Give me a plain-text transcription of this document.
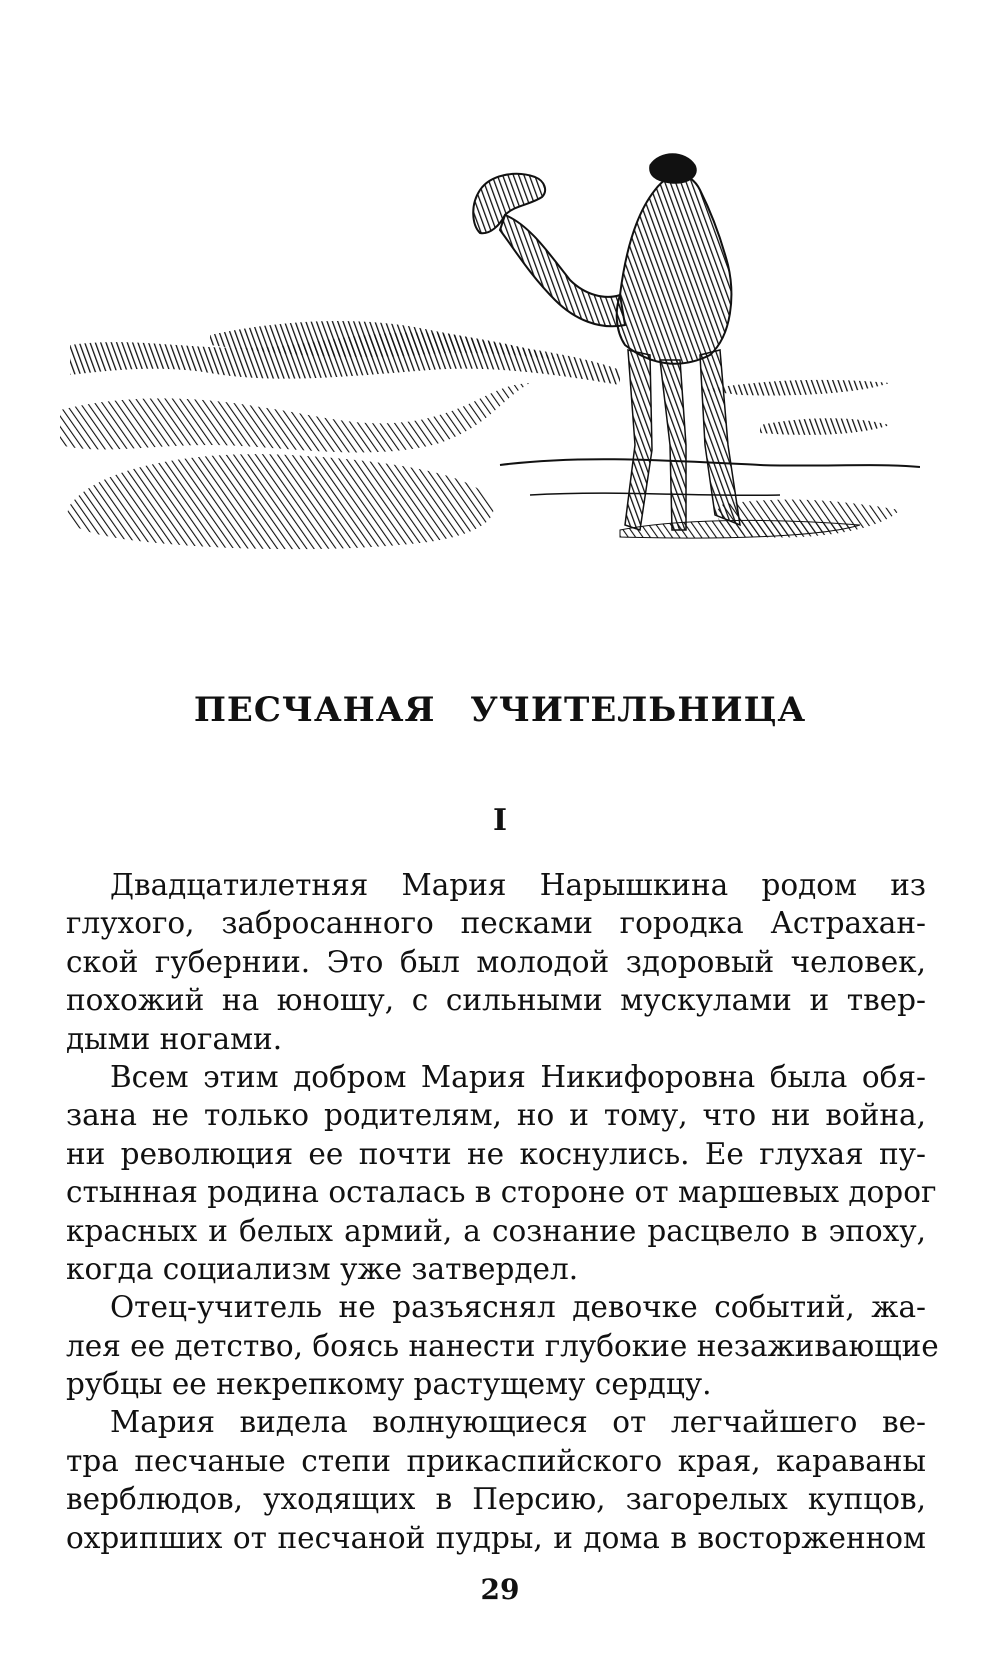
ПЕСЧАНАЯ УЧИТЕЛЬНИЦА
I
Двадцатилетняя Мария Нарышкина родом из
глухого, забросанного песками городка Астрахан-
ской губернии. Это был молодой здоровый человек,
похожий на юношу, с сильными мускулами и твер-
дыми ногами.
Всем этим добром Мария Никифоровна была обя-
зана не только родителям, но и тому, что ни война,
ни революция ее почти не коснулись. Ее глухая пу-
стынная родина осталась в стороне от маршевых дорог
красных и белых армий, а сознание расцвело в эпоху,
когда социализм уже затвердел.
Отец-учитель не разъяснял девочке событий, жа-
лея ее детство, боясь нанести глубокие незаживающие
рубцы ее некрепкому растущему сердцу.
Мария видела волнующиеся от легчайшего ве-
тра песчаные степи прикаспийского края, караваны
верблюдов, уходящих в Персию, загорелых купцов,
охрипших от песчаной пудры, и дома в восторженном
29
